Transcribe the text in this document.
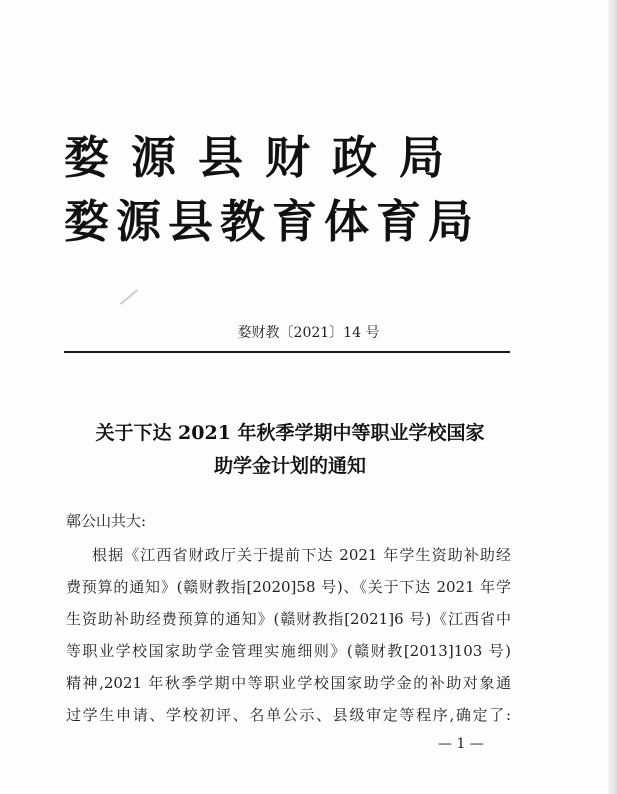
婺源县财政局
婺源县教育体育局
婺财教〔2021〕14 号
关于下达 2021 年秋季学期中等职业学校国家
助学金计划的通知
鄣公山共大:
根据《江西省财政厅关于提前下达 2021 年学生资助补助经
费预算的通知》(赣财教指[2020]58 号)、《关于下达 2021 年学
生资助补助经费预算的通知》(赣财教指[2021]6 号)《江西省中
等职业学校国家助学金管理实施细则》(赣财教[2013]103 号)
精神,2021 年秋季学期中等职业学校国家助学金的补助对象通
过学生申请、学校初评、名单公示、县级审定等程序,确定了:
— 1 —
